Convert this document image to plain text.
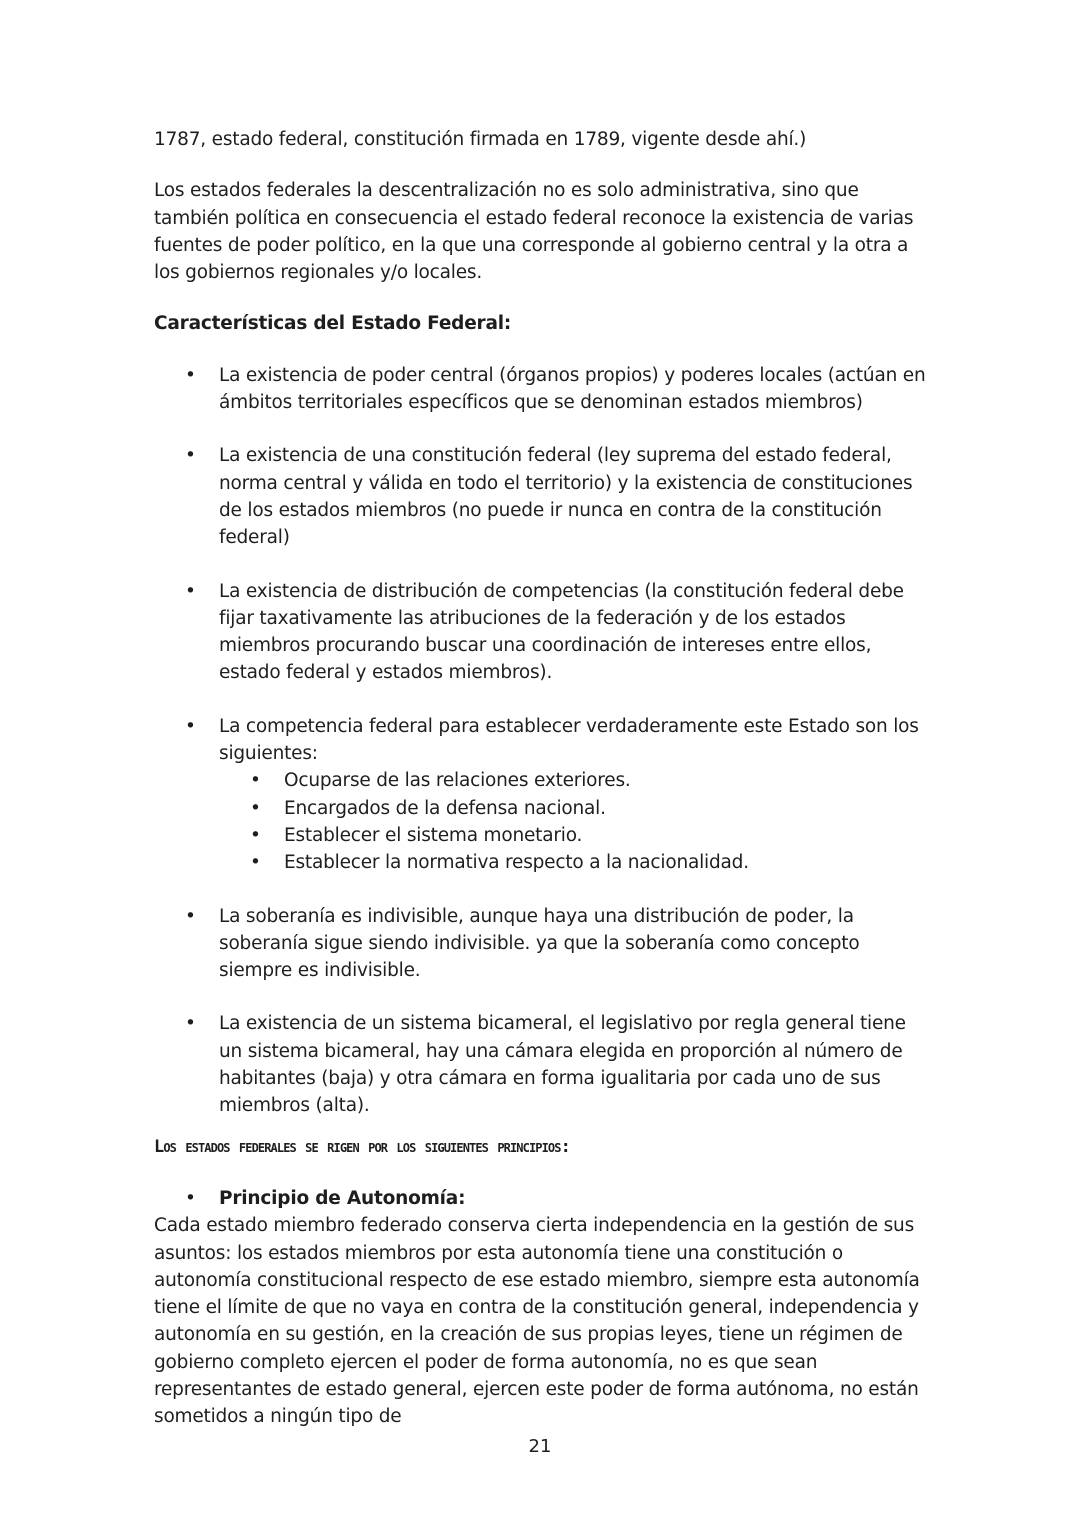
1787, estado federal, constitución firmada en 1789, vigente desde ahí.)

Los estados federales la descentralización no es solo administrativa, sino que también política en consecuencia el estado federal reconoce la existencia de varias fuentes de poder político, en la que una corresponde al gobierno central y la otra a los gobiernos regionales y/o locales.

Características del Estado Federal:

• La existencia de poder central (órganos propios) y poderes locales (actúan en ámbitos territoriales específicos que se denominan estados miembros)
• La existencia de una constitución federal (ley suprema del estado federal, norma central y válida en todo el territorio) y la existencia de constituciones de los estados miembros (no puede ir nunca en contra de la constitución federal)
• La existencia de distribución de competencias (la constitución federal debe fijar taxativamente las atribuciones de la federación y de los estados miembros procurando buscar una coordinación de intereses entre ellos, estado federal y estados miembros).
• La competencia federal para establecer verdaderamente este Estado son los siguientes:
• Ocuparse de las relaciones exteriores.
• Encargados de la defensa nacional.
• Establecer el sistema monetario.
• Establecer la normativa respecto a la nacionalidad.
• La soberanía es indivisible, aunque haya una distribución de poder, la soberanía sigue siendo indivisible. ya que la soberanía como concepto siempre es indivisible.
• La existencia de un sistema bicameral, el legislativo por regla general tiene un sistema bicameral, hay una cámara elegida en proporción al número de habitantes (baja) y otra cámara en forma igualitaria por cada uno de sus miembros (alta).

Los estados federales se rigen por los siguientes principios:

• Principio de Autonomía:

Cada estado miembro federado conserva cierta independencia en la gestión de sus asuntos: los estados miembros por esta autonomía tiene una constitución o autonomía constitucional respecto de ese estado miembro, siempre esta autonomía tiene el límite de que no vaya en contra de la constitución general, independencia y autonomía en su gestión, en la creación de sus propias leyes, tiene un régimen de gobierno completo ejercen el poder de forma autonomía, no es que sean representantes de estado general, ejercen este poder de forma autónoma, no están sometidos a ningún tipo de

21
